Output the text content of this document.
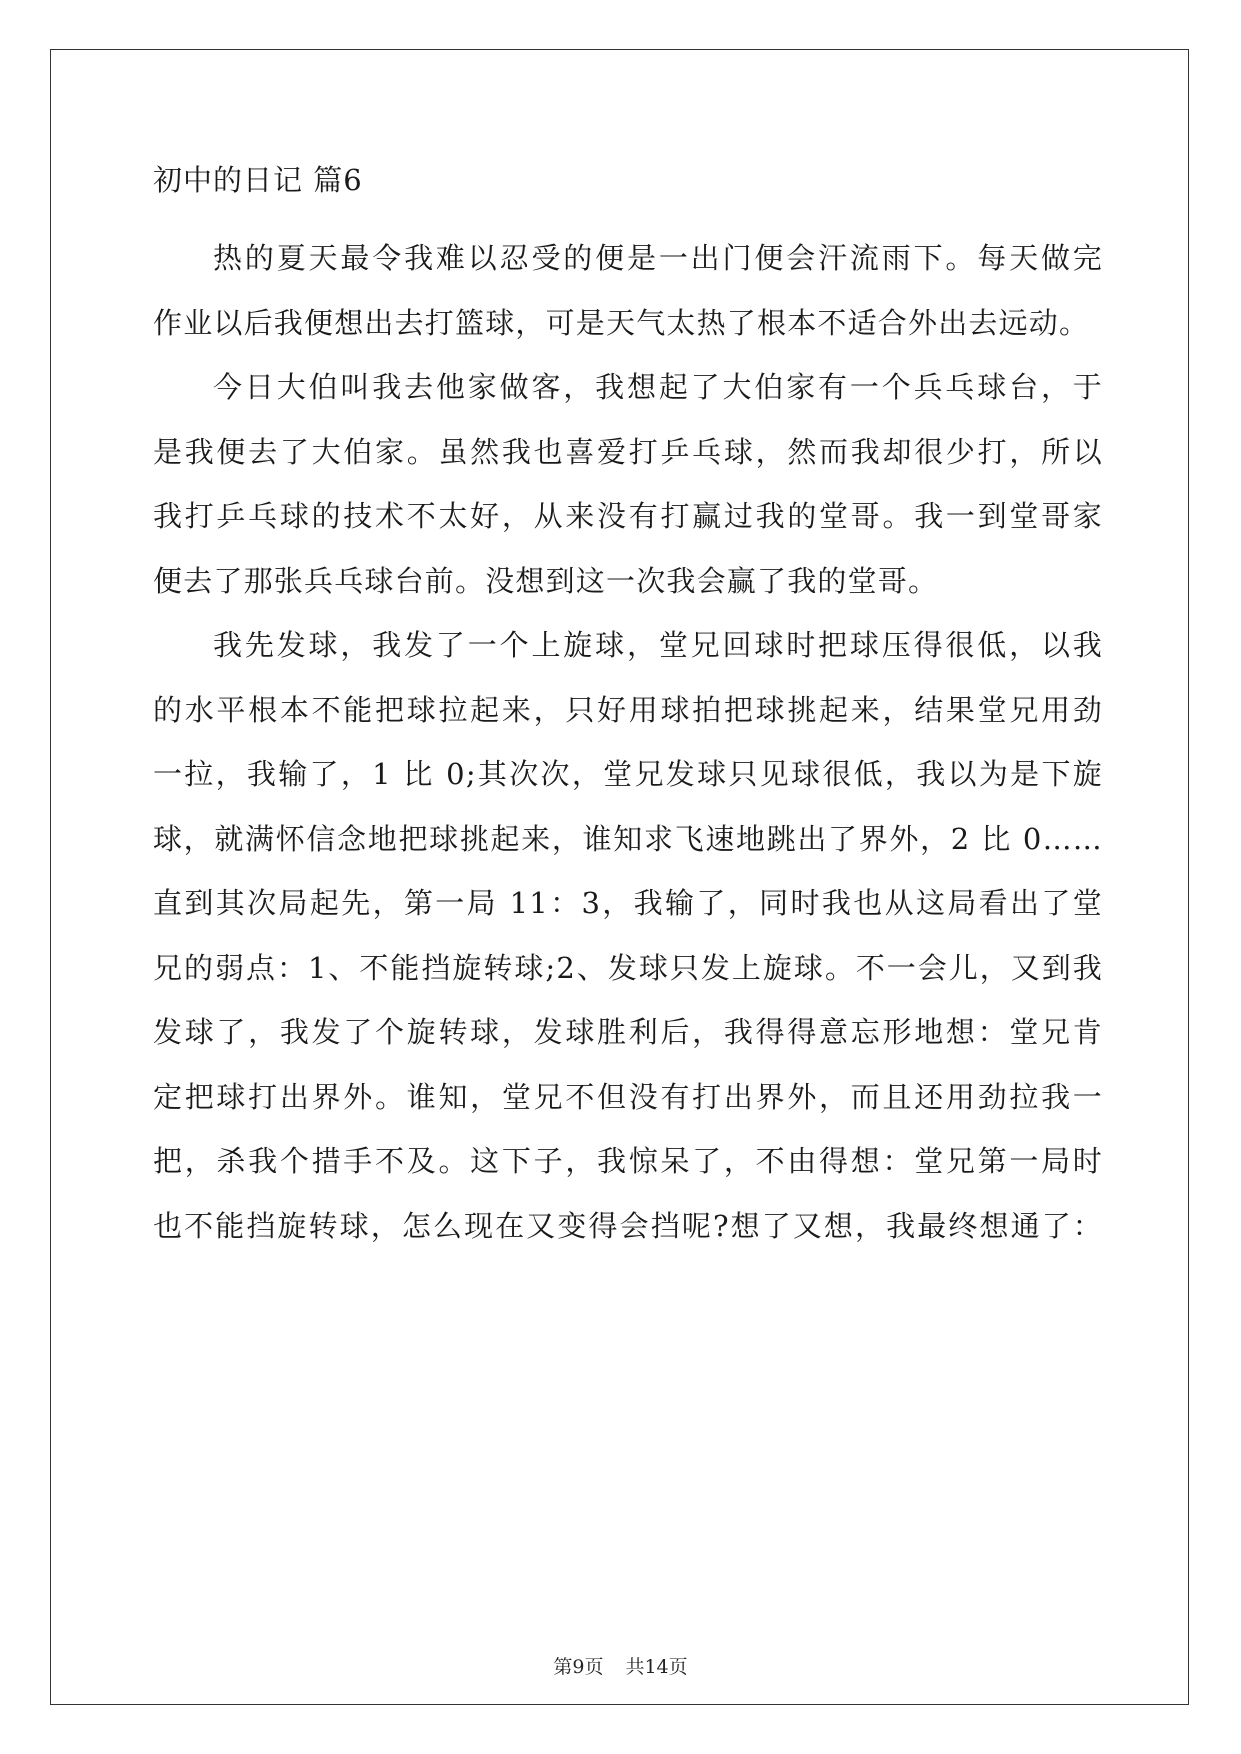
初中的日记 篇6
热的夏天最令我难以忍受的便是一出门便会汗流雨下。每天做完
作业以后我便想出去打篮球，可是天气太热了根本不适合外出去远动。
今日大伯叫我去他家做客，我想起了大伯家有一个兵乓球台，于
是我便去了大伯家。虽然我也喜爱打乒乓球，然而我却很少打，所以
我打乒乓球的技术不太好，从来没有打赢过我的堂哥。我一到堂哥家
便去了那张兵乓球台前。没想到这一次我会赢了我的堂哥。
我先发球，我发了一个上旋球，堂兄回球时把球压得很低，以我
的水平根本不能把球拉起来，只好用球拍把球挑起来，结果堂兄用劲
一拉，我输了，1 比 0;其次次，堂兄发球只见球很低，我以为是下旋
球，就满怀信念地把球挑起来，谁知求飞速地跳出了界外，2 比 0……
直到其次局起先，第一局 11：3，我输了，同时我也从这局看出了堂
兄的弱点：1、不能挡旋转球;2、发球只发上旋球。不一会儿，又到我
发球了，我发了个旋转球，发球胜利后，我得得意忘形地想：堂兄肯
定把球打出界外。谁知，堂兄不但没有打出界外，而且还用劲拉我一
把，杀我个措手不及。这下子，我惊呆了，不由得想：堂兄第一局时
也不能挡旋转球，怎么现在又变得会挡呢?想了又想，我最终想通了：
第9页 共14页
